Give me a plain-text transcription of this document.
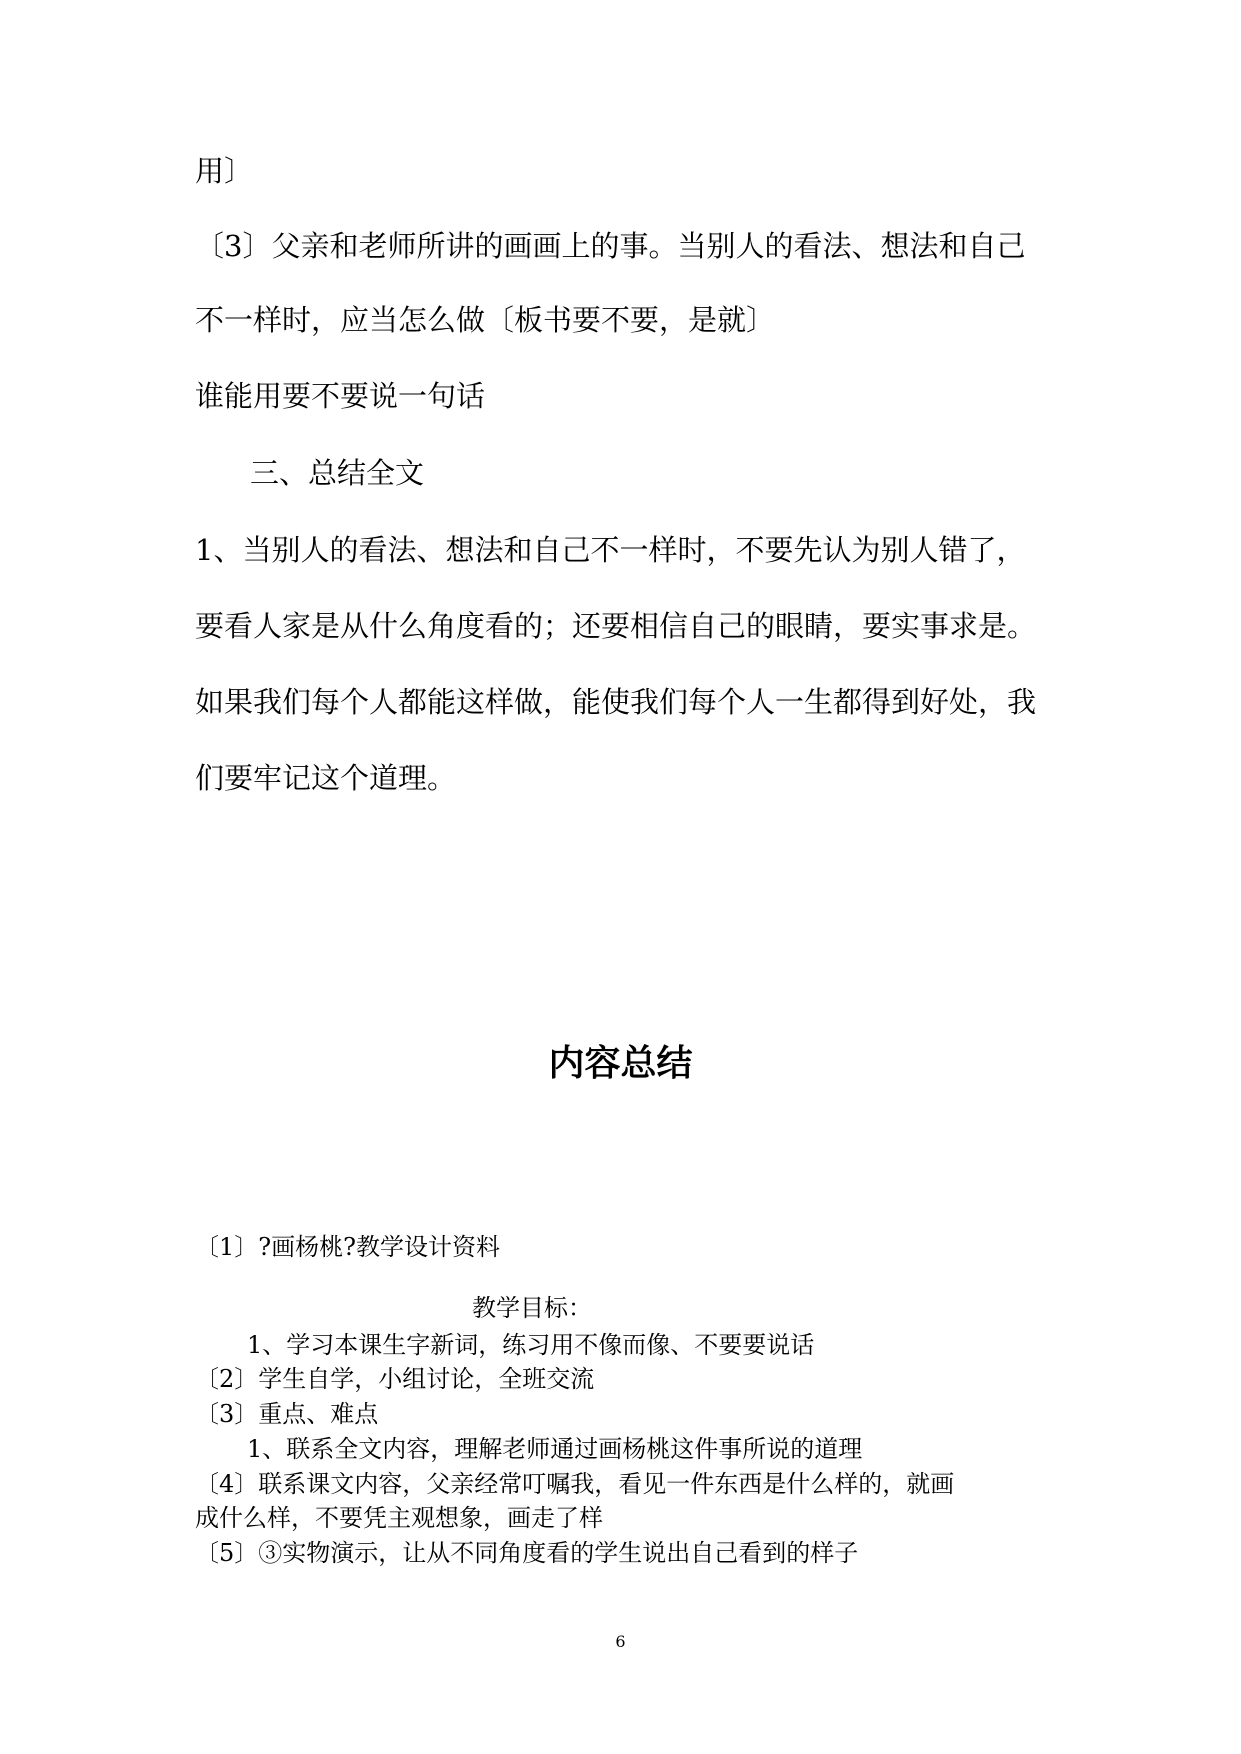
用〕
〔3〕父亲和老师所讲的画画上的事。当别人的看法、想法和自己
不一样时，应当怎么做〔板书要不要，是就〕
谁能用要不要说一句话
三、总结全文
1、当别人的看法、想法和自己不一样时，不要先认为别人错了，
要看人家是从什么角度看的；还要相信自己的眼睛，要实事求是。
如果我们每个人都能这样做，能使我们每个人一生都得到好处，我
们要牢记这个道理。
内容总结
〔1〕?画杨桃?教学设计资料
教学目标：
1、学习本课生字新词，练习用不像而像、不要要说话
〔2〕学生自学，小组讨论，全班交流
〔3〕重点、难点
1、联系全文内容，理解老师通过画杨桃这件事所说的道理
〔4〕联系课文内容，父亲经常叮嘱我，看见一件东西是什么样的，就画
成什么样，不要凭主观想象，画走了样
〔5〕③实物演示，让从不同角度看的学生说出自己看到的样子
6
